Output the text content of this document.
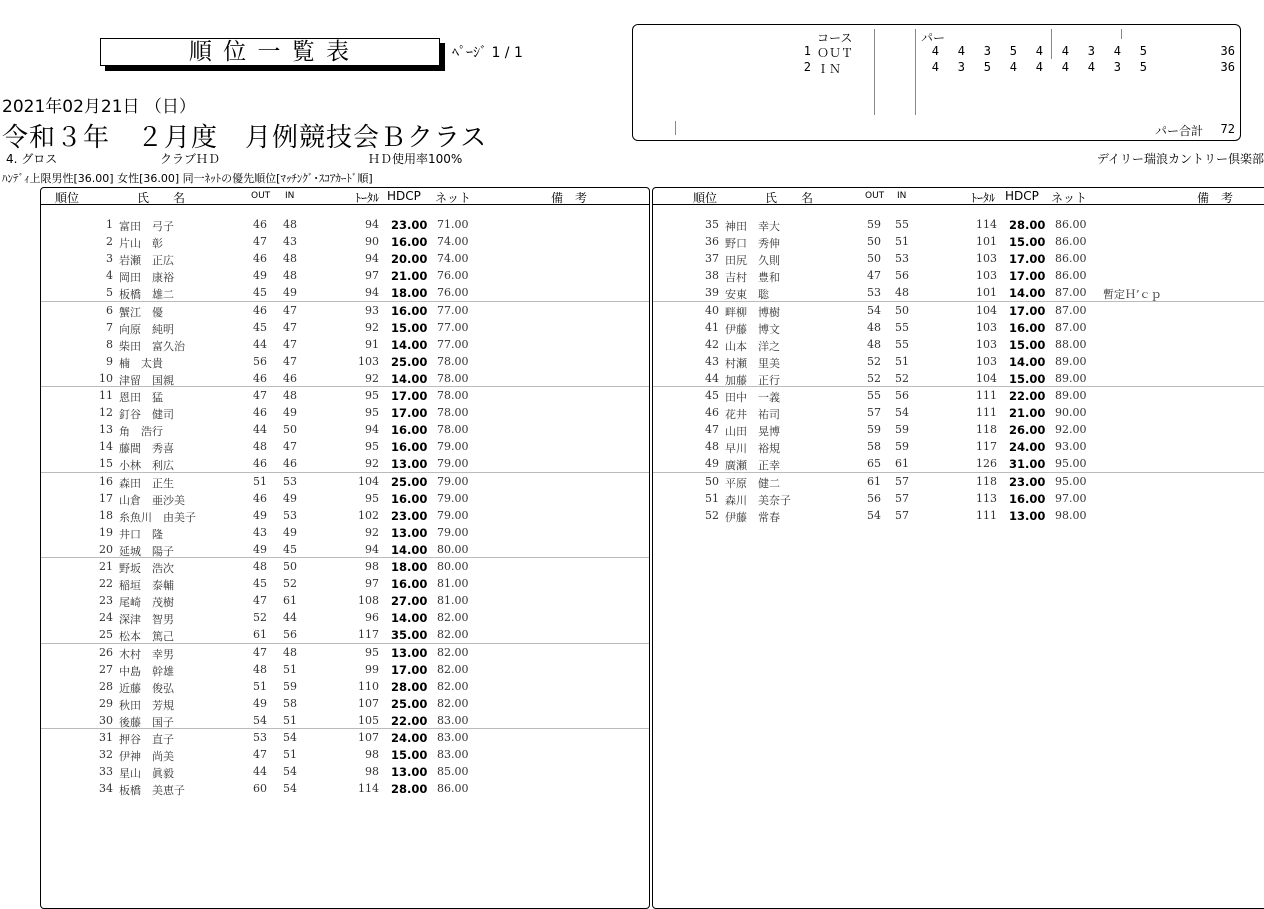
順 位 一 覧 表	ﾍﾟｰｼﾞ 1 / 1
2021年02月21日 （日）
令和３年　２月度　月例競技会Ｂクラス
4. グロス	クラブＨＤ	ＨＤ使用率100%	デイリー瑞浪カントリー倶楽部
ﾊﾝﾃﾞｨ上限男性[36.00] 女性[36.00] 同一ﾈｯﾄの優先順位[ﾏｯﾁﾝｸﾞ･ｽｺｱｶｰﾄﾞ順]
コース	パー
1 ＯＵＴ	4 4 3 5 4 4 3 4 5	36
2 ＩＮ	4 3 5 4 4 4 4 3 5	36
パー合計 72
順位	氏　　名	OUT IN	ﾄｰﾀﾙ HDCP ネット	備　考
1 富田　弓子	46 48	94 23.00 71.00
2 片山　彰	47 43	90 16.00 74.00
3 岩瀬　正広	46 48	94 20.00 74.00
4 岡田　康裕	49 48	97 21.00 76.00
5 板橋　雄二	45 49	94 18.00 76.00
6 蟹江　優	46 47	93 16.00 77.00
7 向原　純明	45 47	92 15.00 77.00
8 柴田　富久治	44 47	91 14.00 77.00
9 楠　太貴	56 47	103 25.00 78.00
10 津留　国親	46 46	92 14.00 78.00
11 恩田　猛	47 48	95 17.00 78.00
12 釘谷　健司	46 49	95 17.00 78.00
13 角　浩行	44 50	94 16.00 78.00
14 藤間　秀喜	48 47	95 16.00 79.00
15 小林　利広	46 46	92 13.00 79.00
16 森田　正生	51 53	104 25.00 79.00
17 山倉　亜沙美	46 49	95 16.00 79.00
18 糸魚川　由美子	49 53	102 23.00 79.00
19 井口　隆	43 49	92 13.00 79.00
20 延城　陽子	49 45	94 14.00 80.00
21 野坂　浩次	48 50	98 18.00 80.00
22 稲垣　泰輔	45 52	97 16.00 81.00
23 尾崎　茂樹	47 61	108 27.00 81.00
24 深津　智男	52 44	96 14.00 82.00
25 松本　篤己	61 56	117 35.00 82.00
26 木村　幸男	47 48	95 13.00 82.00
27 中島　幹雄	48 51	99 17.00 82.00
28 近藤　俊弘	51 59	110 28.00 82.00
29 秋田　芳規	49 58	107 25.00 82.00
30 後藤　国子	54 51	105 22.00 83.00
31 押谷　直子	53 54	107 24.00 83.00
32 伊神　尚美	47 51	98 15.00 83.00
33 星山　眞毅	44 54	98 13.00 85.00
34 板橋　美恵子	60 54	114 28.00 86.00
順位	氏　　名	OUT IN	ﾄｰﾀﾙ HDCP ネット	備　考
35 神田　幸大	59 55	114 28.00 86.00
36 野口　秀伸	50 51	101 15.00 86.00
37 田尻　久則	50 53	103 17.00 86.00
38 吉村　豊和	47 56	103 17.00 86.00
39 安東　聡	53 48	101 14.00 87.00 暫定Ｈ’ｃｐ
40 畔柳　博樹	54 50	104 17.00 87.00
41 伊藤　博文	48 55	103 16.00 87.00
42 山本　洋之	48 55	103 15.00 88.00
43 村瀬　里美	52 51	103 14.00 89.00
44 加藤　正行	52 52	104 15.00 89.00
45 田中　一義	55 56	111 22.00 89.00
46 花井　祐司	57 54	111 21.00 90.00
47 山田　晃博	59 59	118 26.00 92.00
48 早川　裕規	58 59	117 24.00 93.00
49 廣瀬　正幸	65 61	126 31.00 95.00
50 平原　健二	61 57	118 23.00 95.00
51 森川　美奈子	56 57	113 16.00 97.00
52 伊藤　常春	54 57	111 13.00 98.00
